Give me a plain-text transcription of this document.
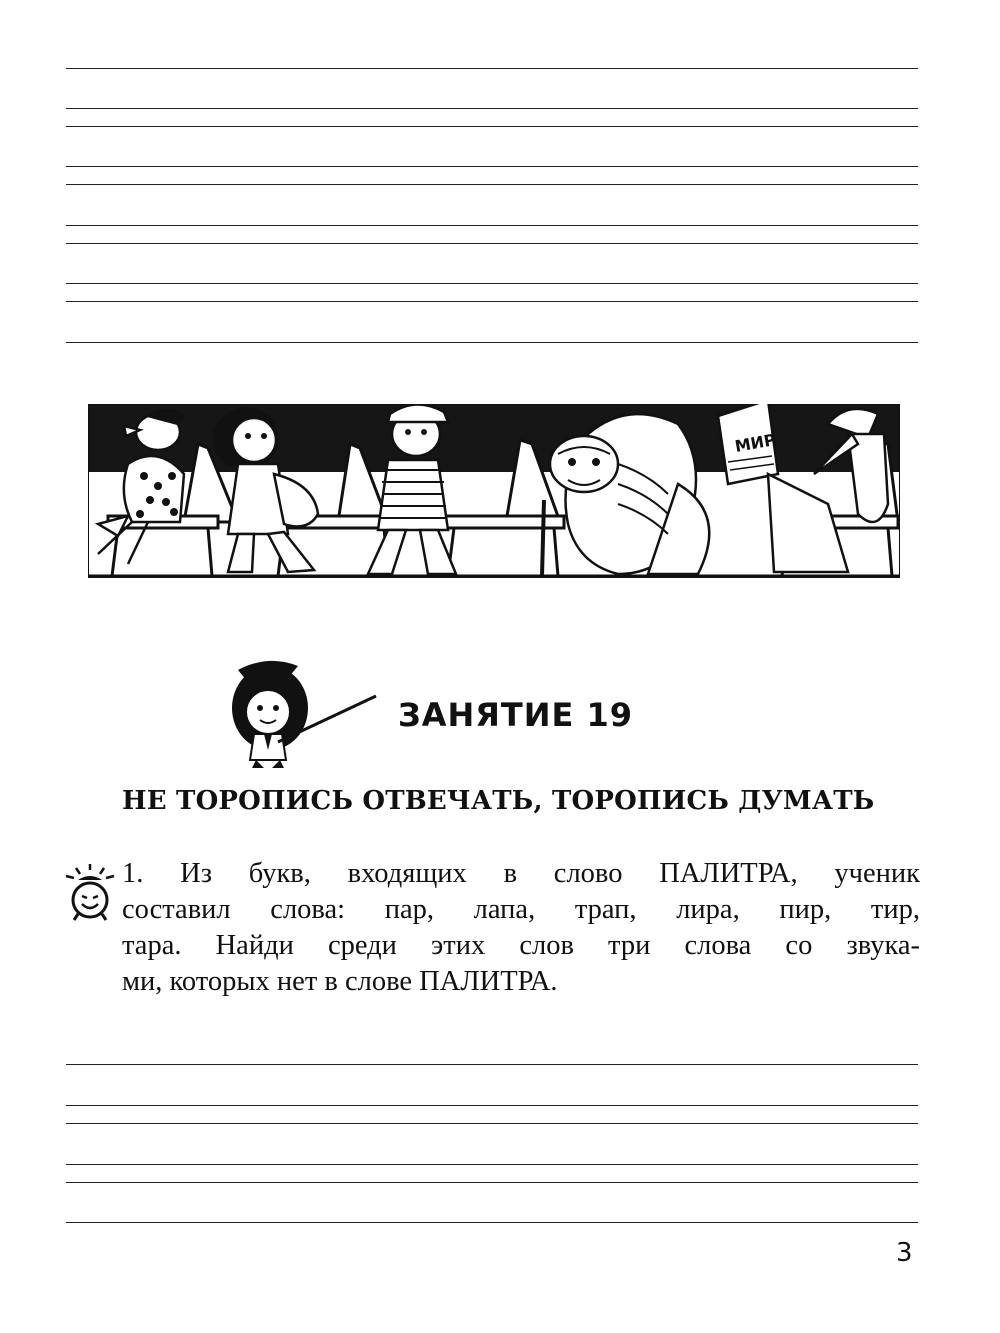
МИР
ЗАНЯТИЕ 19
НЕ ТОРОПИСЬ ОТВЕЧАТЬ, ТОРОПИСЬ ДУМАТЬ
1. Из букв, входящих в слово ПАЛИТРА, ученик
составил слова: пар, лапа, трап, лира, пир, тир,
тара. Найди среди этих слов три слова со звука-
ми, которых нет в слове ПАЛИТРА.
3
